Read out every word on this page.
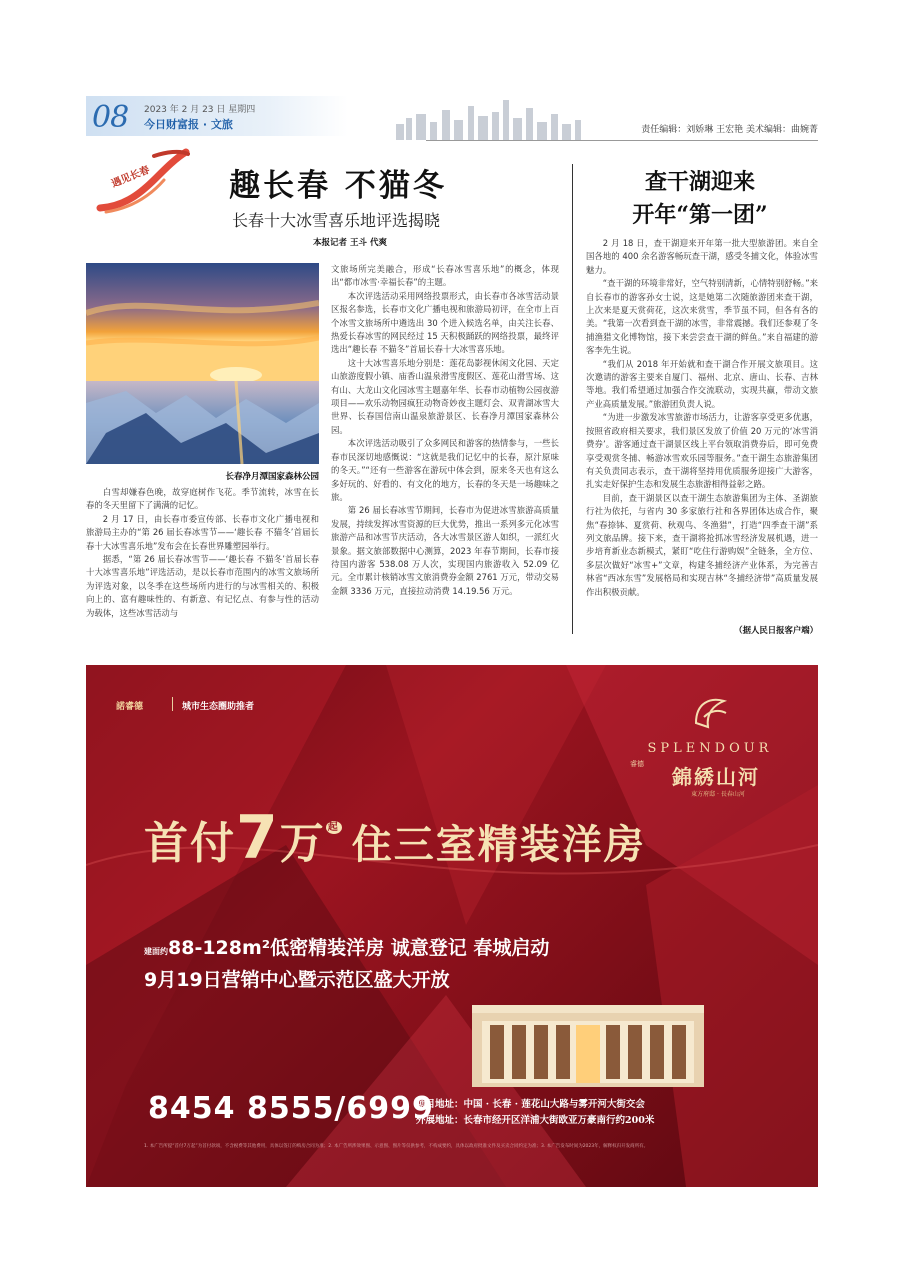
08 2023 年 2 月 23 日 星期四
今日财富报 · 文旅	责任编辑：刘娇琳 王宏艳 美术编辑：曲婉菁
遇见长春	趣长春 不猫冬
长春十大冰雪喜乐地评选揭晓
本报记者 王斗 代爽
长春净月潭国家森林公园

白雪却嫌春色晚，故穿庭树作飞花。季节流转，冰雪在长春的冬天里留下了满满的记忆。

2 月 17 日，由长春市委宣传部、长春市文化广播电视和旅游局主办的“第 26 届长春冰雪节——‘趣长春 不猫冬’首届长春十大冰雪喜乐地”发布会在长春世界雕塑园举行。

据悉，“第 26 届长春冰雪节——‘趣长春 不猫冬’首届长春十大冰雪喜乐地”评选活动，是以长春市范围内的冰雪文旅场所为评选对象，以冬季在这些场所内进行的与冰雪相关的、积极向上的、富有趣味性的、有新意、有记忆点、有参与性的活动为载体，这些冰雪活动与

文旅场所完美融合，形成“长春冰雪喜乐地”的概念，体现出“都市冰雪·幸福长春”的主题。

本次评选活动采用网络投票形式，由长春市各冰雪活动景区报名参选，长春市文化广播电视和旅游局初评，在全市上百个冰雪文旅场所中遴选出 30 个进入候选名单，由关注长春、热爱长春冰雪的网民经过 15 天积极踊跃的网络投票，最终评选出“趣长春 不猫冬”首届长春十大冰雪喜乐地。

这十大冰雪喜乐地分别是：莲花岛影视休闲文化园、天定山旅游度假小镇、庙香山温泉滑雪度假区、莲花山滑雪场、这有山、大龙山文化园冰雪主题嘉年华、长春市动植物公园夜游项目——欢乐动物园疯狂动物奇妙夜主题灯会、双青湖冰雪大世界、长春国信南山温泉旅游景区、长春净月潭国家森林公园。

本次评选活动吸引了众多网民和游客的热情参与，一些长春市民深切地感慨说：“这就是我们记忆中的长春，原汁原味的冬天。”“还有一些游客在游玩中体会到，原来冬天也有这么多好玩的、好看的、有文化的地方，长春的冬天是一场趣味之旅。

第 26 届长春冰雪节期间，长春市为促进冰雪旅游高质量发展，持续发挥冰雪资源的巨大优势，推出一系列多元化冰雪旅游产品和冰雪节庆活动，各大冰雪景区游人如织，一派红火景象。据文旅部数据中心测算，2023 年春节期间，长春市接待国内游客 538.08 万人次，实现国内旅游收入 52.09 亿元。全市累计核销冰雪文旅消费券金额 2761 万元，带动交易金额 3336 万元，直接拉动消费 14.19.56 万元。

查干湖迎来
开年“第一团”

2 月 18 日，查干湖迎来开年第一批大型旅游团。来自全国各地的 400 余名游客畅玩查干湖，感受冬捕文化，体验冰雪魅力。

“查干湖的环境非常好，空气特别清新，心情特别舒畅。”来自长春市的游客孙女士说，这是她第二次随旅游团来查干湖，上次来是夏天赏荷花，这次来赏雪，季节虽不同，但各有各的美。“我第一次看到查干湖的冰雪，非常震撼。我们还参观了冬捕渔猎文化博物馆，接下来尝尝查干湖的鲜鱼。”来自福建的游客李先生说。

“我们从 2018 年开始就和查干湖合作开展文旅项目。这次邀请的游客主要来自厦门、福州、北京、唐山、长春、吉林等地。我们希望通过加强合作交流联动，实现共赢，带动文旅产业高质量发展。”旅游团负责人说。

“为进一步激发冰雪旅游市场活力，让游客享受更多优惠，按照省政府相关要求，我们景区发放了价值 20 万元的‘冰雪消费券’。游客通过查干湖景区线上平台领取消费券后，即可免费享受观赏冬捕、畅游冰雪欢乐园等服务。”查干湖生态旅游集团有关负责同志表示，查干湖将坚持用优质服务迎接广大游客，扎实走好保护生态和发展生态旅游相得益彰之路。

目前，查干湖景区以查干湖生态旅游集团为主体、圣湖旅行社为依托，与省内 30 多家旅行社和各界团体达成合作，聚焦“春捺钵、夏赏荷、秋观鸟、冬渔猎”，打造“四季查干湖”系列文旅品牌。接下来，查干湖将抢抓冰雪经济发展机遇，进一步培育新业态新模式，紧盯“吃住行游购娱”全链条，全方位、多层次做好“冰雪+”文章，构建冬捕经济产业体系，为完善吉林省“西冰东雪”发展格局和实现吉林“冬捕经济带”高质量发展作出积极贡献。

（据人民日报客户端）
諾睿德	城市生态圈助推者
SPLENDOUR
睿德
錦綉山河
東方府邸 · 長春山河
首付7万 $^起$ 住三室精装洋房
建面约88-128m²低密精装洋房 诚意登记 春城启动
9月19日营销中心暨示范区盛大开放
8454 8555/6999
项目地址：中国 · 长春 · 莲花山大路与雾开河大街交会
外展地址：长春市经开区洋浦大街欧亚万豪南行约200米
1. 本广告所提“首付7万起”为首付款项，不含税费等其他费用，具体以签订的购房合同为准；2. 本广告所涉效果图、示意图、图片等仅供参考，不构成要约，具体以政府批准文件及买卖合同约定为准；3. 本广告发布时间为2023年，解释权归开发商所有。
